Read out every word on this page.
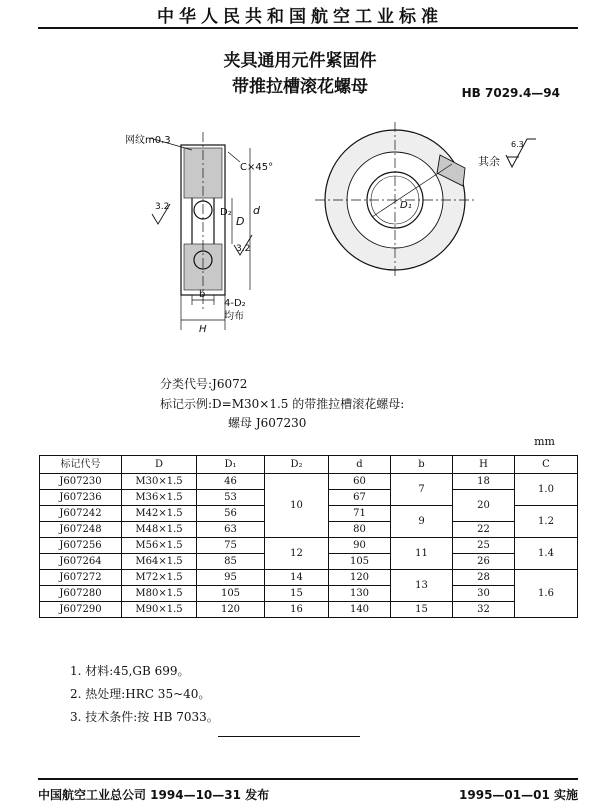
中华人民共和国航空工业标准
夹具通用元件紧固件
带推拉槽滚花螺母	HB 7029.4—94
网纹m0.3
C×45°
3.2
3.2
D₂
D
d
b
H
4-D₂
均布
D₁
其余
6.3
分类代号:J6072
标记示例:D=M30×1.5 的带推拉槽滚花螺母:
螺母 J607230
mm
标记代号	D	D₁	D₂	d	b	H	C
J607230	M30×1.5	46	10	60	7	18	1.0
J607236	M36×1.5	53		67		20	
J607242	M42×1.5	56		71	9		1.2
J607248	M48×1.5	63		80		22	
J607256	M56×1.5	75	12	90	11	25	1.4
J607264	M64×1.5	85		105		26	
J607272	M72×1.5	95	14	120	13	28	1.6
J607280	M80×1.5	105	15	130		30	
J607290	M90×1.5	120	16	140	15	32	
1. 材料:45,GB 699。
2. 热处理:HRC 35~40。
3. 技术条件:按 HB 7033。
中国航空工业总公司 1994—10—31 发布	1995—01—01 实施
